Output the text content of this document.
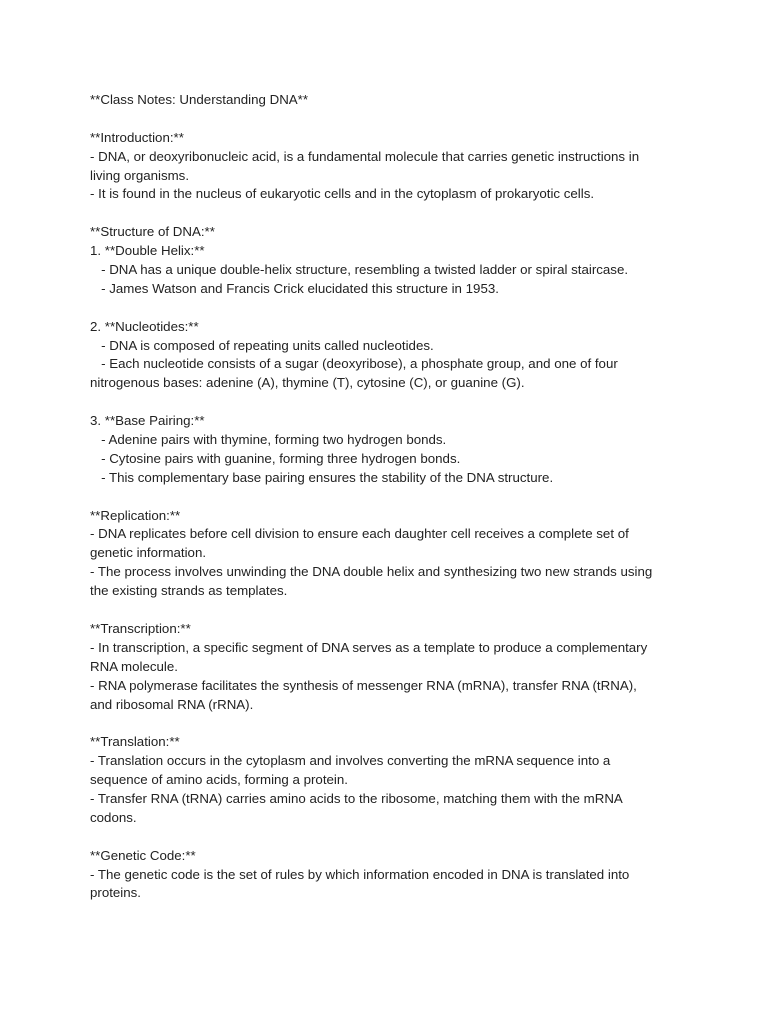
**Class Notes: Understanding DNA**
**Introduction:**
- DNA, or deoxyribonucleic acid, is a fundamental molecule that carries genetic instructions in
living organisms.
- It is found in the nucleus of eukaryotic cells and in the cytoplasm of prokaryotic cells.
**Structure of DNA:**
1. **Double Helix:**
- DNA has a unique double-helix structure, resembling a twisted ladder or spiral staircase.
- James Watson and Francis Crick elucidated this structure in 1953.
2. **Nucleotides:**
- DNA is composed of repeating units called nucleotides.
- Each nucleotide consists of a sugar (deoxyribose), a phosphate group, and one of four
nitrogenous bases: adenine (A), thymine (T), cytosine (C), or guanine (G).
3. **Base Pairing:**
- Adenine pairs with thymine, forming two hydrogen bonds.
- Cytosine pairs with guanine, forming three hydrogen bonds.
- This complementary base pairing ensures the stability of the DNA structure.
**Replication:**
- DNA replicates before cell division to ensure each daughter cell receives a complete set of
genetic information.
- The process involves unwinding the DNA double helix and synthesizing two new strands using
the existing strands as templates.
**Transcription:**
- In transcription, a specific segment of DNA serves as a template to produce a complementary
RNA molecule.
- RNA polymerase facilitates the synthesis of messenger RNA (mRNA), transfer RNA (tRNA),
and ribosomal RNA (rRNA).
**Translation:**
- Translation occurs in the cytoplasm and involves converting the mRNA sequence into a
sequence of amino acids, forming a protein.
- Transfer RNA (tRNA) carries amino acids to the ribosome, matching them with the mRNA
codons.
**Genetic Code:**
- The genetic code is the set of rules by which information encoded in DNA is translated into
proteins.
